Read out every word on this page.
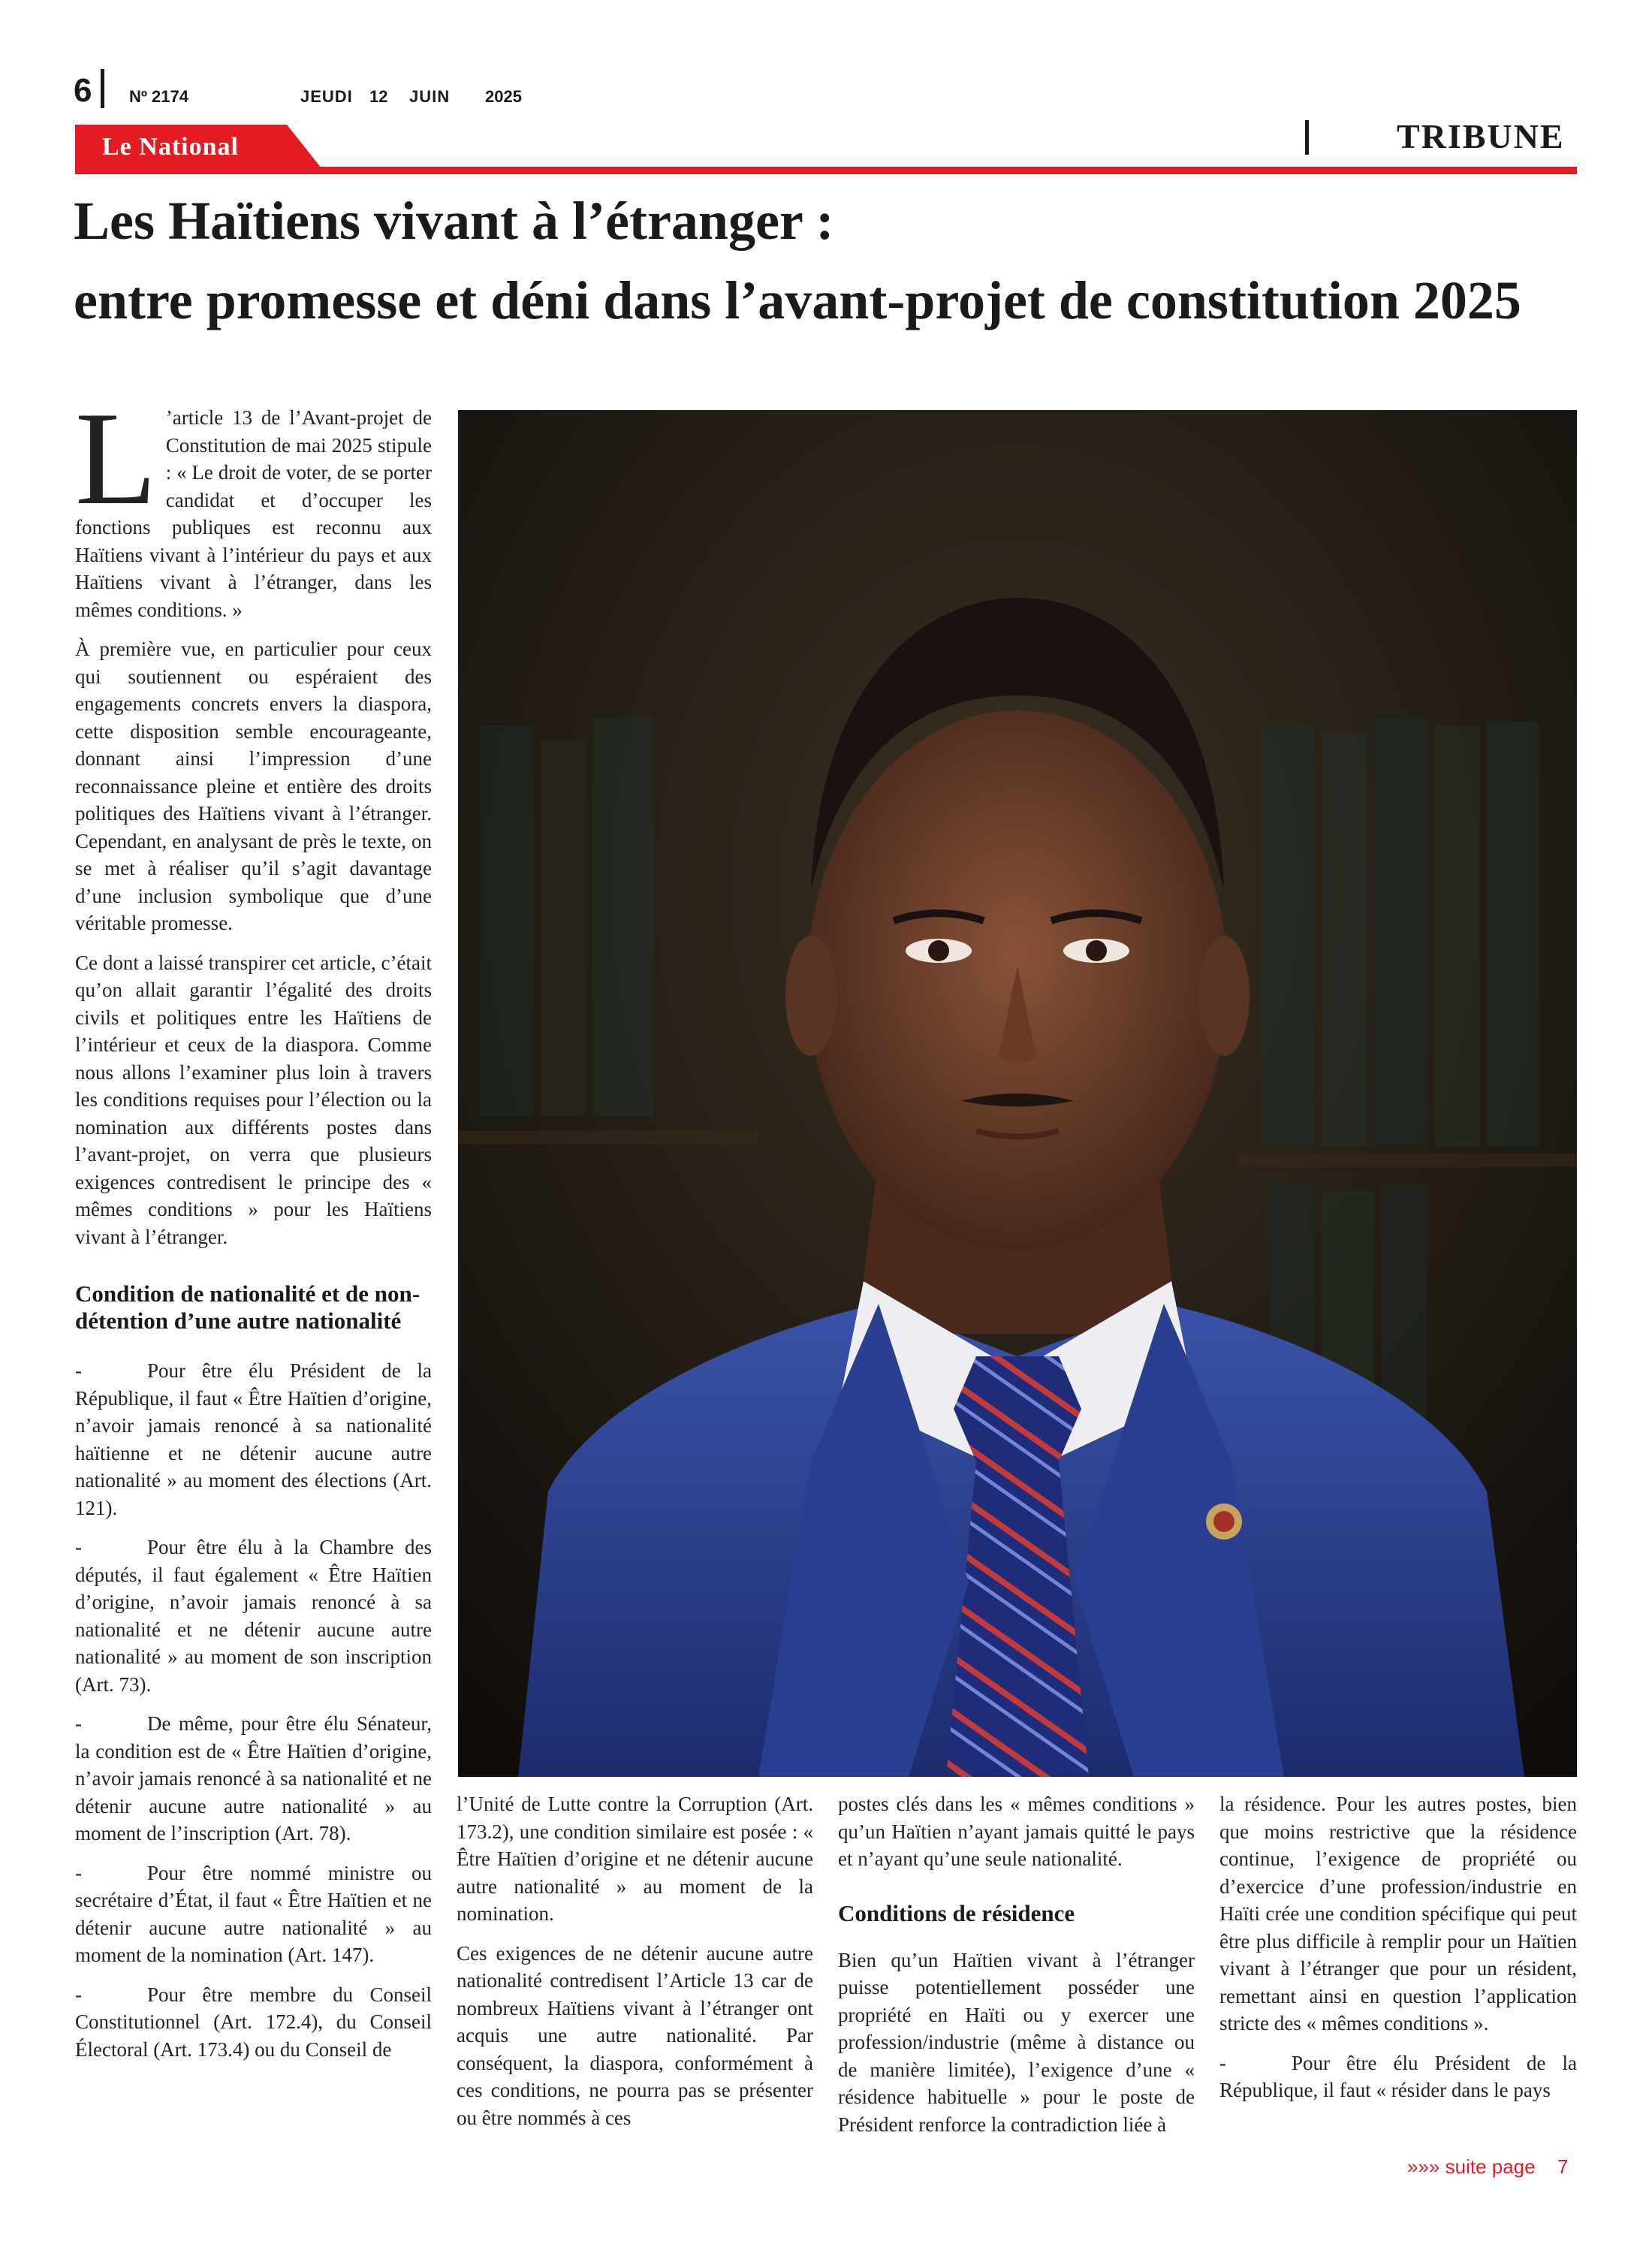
6 Nº 2174	JEUDI 12 JUIN 2025
Le National	TRIBUNE
Les Haïtiens vivant à l’étranger :
entre promesse et déni dans l’avant-projet de constitution 2025

L ’article 13 de l’Avant-projet de Constitution de mai 2025 stipule : « Le droit de voter, de se porter candidat et d’occuper les fonctions publiques est reconnu aux Haïtiens vivant à l’intérieur du pays et aux Haïtiens vivant à l’étranger, dans les mêmes conditions. »

À première vue, en particulier pour ceux qui soutiennent ou espéraient des engagements concrets envers la diaspora, cette disposition semble encourageante, donnant ainsi l’impression d’une reconnaissance pleine et entière des droits politiques des Haïtiens vivant à l’étranger. Cependant, en analysant de près le texte, on se met à réaliser qu’il s’agit davantage d’une inclusion symbolique que d’une véritable promesse.

Ce dont a laissé transpirer cet article, c’était qu’on allait garantir l’égalité des droits civils et politiques entre les Haïtiens de l’intérieur et ceux de la diaspora. Comme nous allons l’examiner plus loin à travers les conditions requises pour l’élection ou la nomination aux différents postes dans l’avant-projet, on verra que plusieurs exigences contredisent le principe des « mêmes conditions » pour les Haïtiens vivant à l’étranger.

Condition de nationalité et de non-détention d’une autre nationalité

-	Pour être élu Président de la République, il faut « Être Haïtien d’origine, n’avoir jamais renoncé à sa nationalité haïtienne et ne détenir aucune autre nationalité » au moment des élections (Art. 121).

-	Pour être élu à la Chambre des députés, il faut également « Être Haïtien d’origine, n’avoir jamais renoncé à sa nationalité et ne détenir aucune autre nationalité » au moment de son inscription (Art. 73).

-	De même, pour être élu Sénateur, la condition est de « Être Haïtien d’origine, n’avoir jamais renoncé à sa nationalité et ne détenir aucune autre nationalité » au moment de l’inscription (Art. 78).

-	Pour être nommé ministre ou secrétaire d’État, il faut « Être Haïtien et ne détenir aucune autre nationalité » au moment de la nomination (Art. 147).

-	Pour être membre du Conseil Constitutionnel (Art. 172.4), du Conseil Électoral (Art. 173.4) ou du Conseil de

l’Unité de Lutte contre la Corruption (Art. 173.2), une condition similaire est posée : « Être Haïtien d’origine et ne détenir aucune autre nationalité » au moment de la nomination.

Ces exigences de ne détenir aucune autre nationalité contredisent l’Article 13 car de nombreux Haïtiens vivant à l’étranger ont acquis une autre nationalité. Par conséquent, la diaspora, conformément à ces conditions, ne pourra pas se présenter ou être nommés à ces

postes clés dans les « mêmes conditions » qu’un Haïtien n’ayant jamais quitté le pays et n’ayant qu’une seule nationalité.

Conditions de résidence

Bien qu’un Haïtien vivant à l’étranger puisse potentiellement posséder une propriété en Haïti ou y exercer une profession/industrie (même à distance ou de manière limitée), l’exigence d’une « résidence habituelle » pour le poste de Président renforce la contradiction liée à

la résidence. Pour les autres postes, bien que moins restrictive que la résidence continue, l’exigence de propriété ou d’exercice d’une profession/industrie en Haïti crée une condition spécifique qui peut être plus difficile à remplir pour un Haïtien vivant à l’étranger que pour un résident, remettant ainsi en question l’application stricte des « mêmes conditions ».

-	Pour être élu Président de la République, il faut « résider dans le pays

»»» suite page 7
